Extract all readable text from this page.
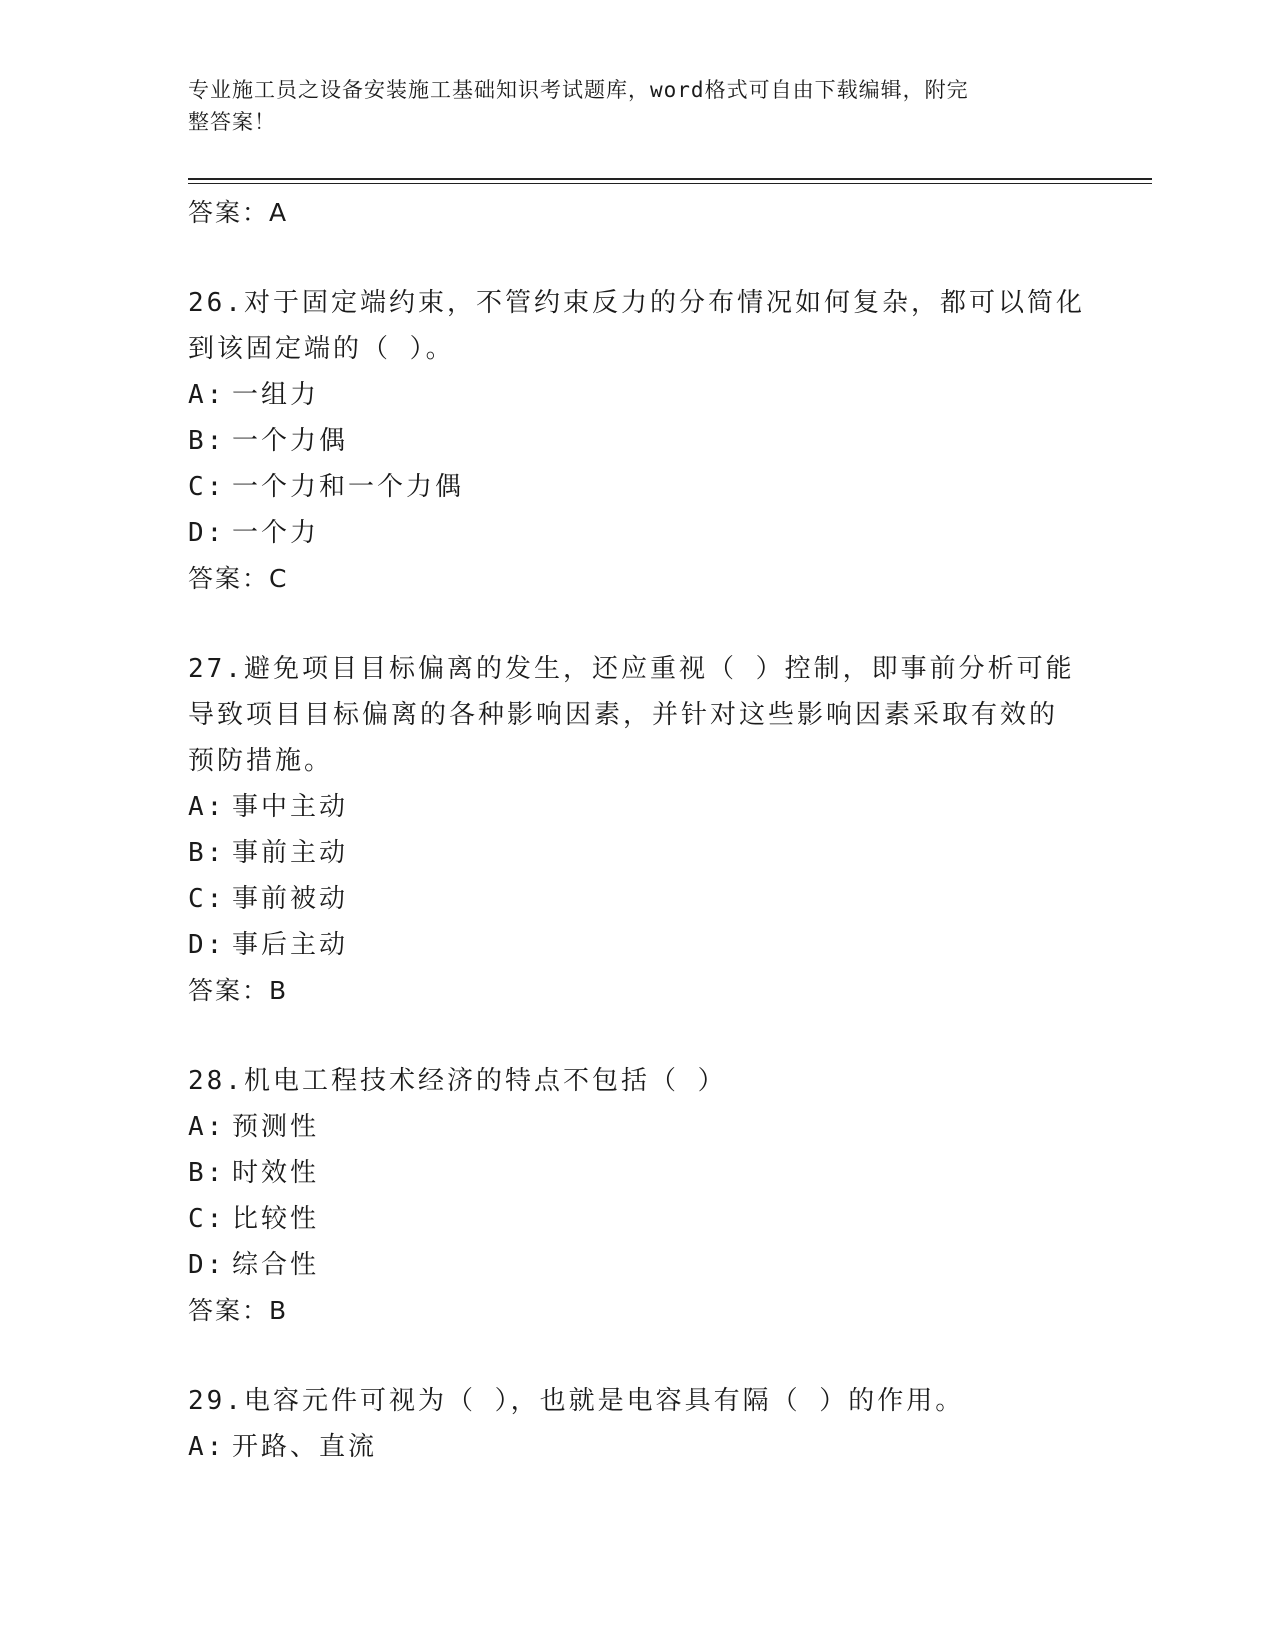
专业施工员之设备安装施工基础知识考试题库，word格式可自由下载编辑，附完
整答案！
答案：A
26.对于固定端约束，不管约束反力的分布情况如何复杂，都可以简化
到该固定端的（ ）。
A: 一组力
B: 一个力偶
C: 一个力和一个力偶
D: 一个力
答案：C
27.避免项目目标偏离的发生，还应重视（ ）控制，即事前分析可能
导致项目目标偏离的各种影响因素，并针对这些影响因素采取有效的
预防措施。
A: 事中主动
B: 事前主动
C: 事前被动
D: 事后主动
答案：B
28.机电工程技术经济的特点不包括（ ）
A: 预测性
B: 时效性
C: 比较性
D: 综合性
答案：B
29.电容元件可视为（ ），也就是电容具有隔（ ）的作用。
A: 开路、直流
